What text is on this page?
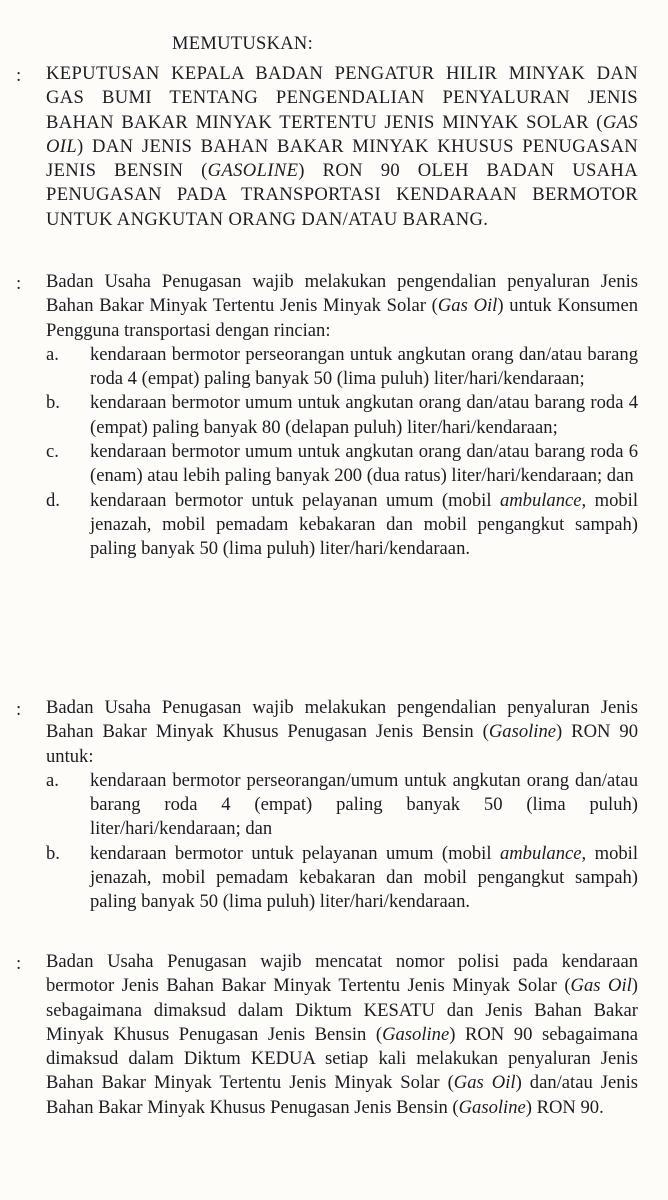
MEMUTUSKAN:
: KEPUTUSAN KEPALA BADAN PENGATUR HILIR MINYAK DAN GAS BUMI TENTANG PENGENDALIAN PENYALURAN JENIS BAHAN BAKAR MINYAK TERTENTU JENIS MINYAK SOLAR (GAS OIL) DAN JENIS BAHAN BAKAR MINYAK KHUSUS PENUGASAN JENIS BENSIN (GASOLINE) RON 90 OLEH BADAN USAHA PENUGASAN PADA TRANSPORTASI KENDARAAN BERMOTOR UNTUK ANGKUTAN ORANG DAN/ATAU BARANG.
: Badan Usaha Penugasan wajib melakukan pengendalian penyaluran Jenis Bahan Bakar Minyak Tertentu Jenis Minyak Solar (Gas Oil) untuk Konsumen Pengguna transportasi dengan rincian:
a.	kendaraan bermotor perseorangan untuk angkutan orang dan/atau barang roda 4 (empat) paling banyak 50 (lima puluh) liter/hari/kendaraan;
b.	kendaraan bermotor umum untuk angkutan orang dan/atau barang roda 4 (empat) paling banyak 80 (delapan puluh) liter/hari/kendaraan;
c.	kendaraan bermotor umum untuk angkutan orang dan/atau barang roda 6 (enam) atau lebih paling banyak 200 (dua ratus) liter/hari/kendaraan; dan
d.	kendaraan bermotor untuk pelayanan umum (mobil ambulance, mobil jenazah, mobil pemadam kebakaran dan mobil pengangkut sampah) paling banyak 50 (lima puluh) liter/hari/kendaraan.
: Badan Usaha Penugasan wajib melakukan pengendalian penyaluran Jenis Bahan Bakar Minyak Khusus Penugasan Jenis Bensin (Gasoline) RON 90 untuk:
a.	kendaraan bermotor perseorangan/umum untuk angkutan orang dan/atau barang roda 4 (empat) paling banyak 50 (lima puluh) liter/hari/kendaraan; dan
b.	kendaraan bermotor untuk pelayanan umum (mobil ambulance, mobil jenazah, mobil pemadam kebakaran dan mobil pengangkut sampah) paling banyak 50 (lima puluh) liter/hari/kendaraan.
: Badan Usaha Penugasan wajib mencatat nomor polisi pada kendaraan bermotor Jenis Bahan Bakar Minyak Tertentu Jenis Minyak Solar (Gas Oil) sebagaimana dimaksud dalam Diktum KESATU dan Jenis Bahan Bakar Minyak Khusus Penugasan Jenis Bensin (Gasoline) RON 90 sebagaimana dimaksud dalam Diktum KEDUA setiap kali melakukan penyaluran Jenis Bahan Bakar Minyak Tertentu Jenis Minyak Solar (Gas Oil) dan/atau Jenis Bahan Bakar Minyak Khusus Penugasan Jenis Bensin (Gasoline) RON 90.
